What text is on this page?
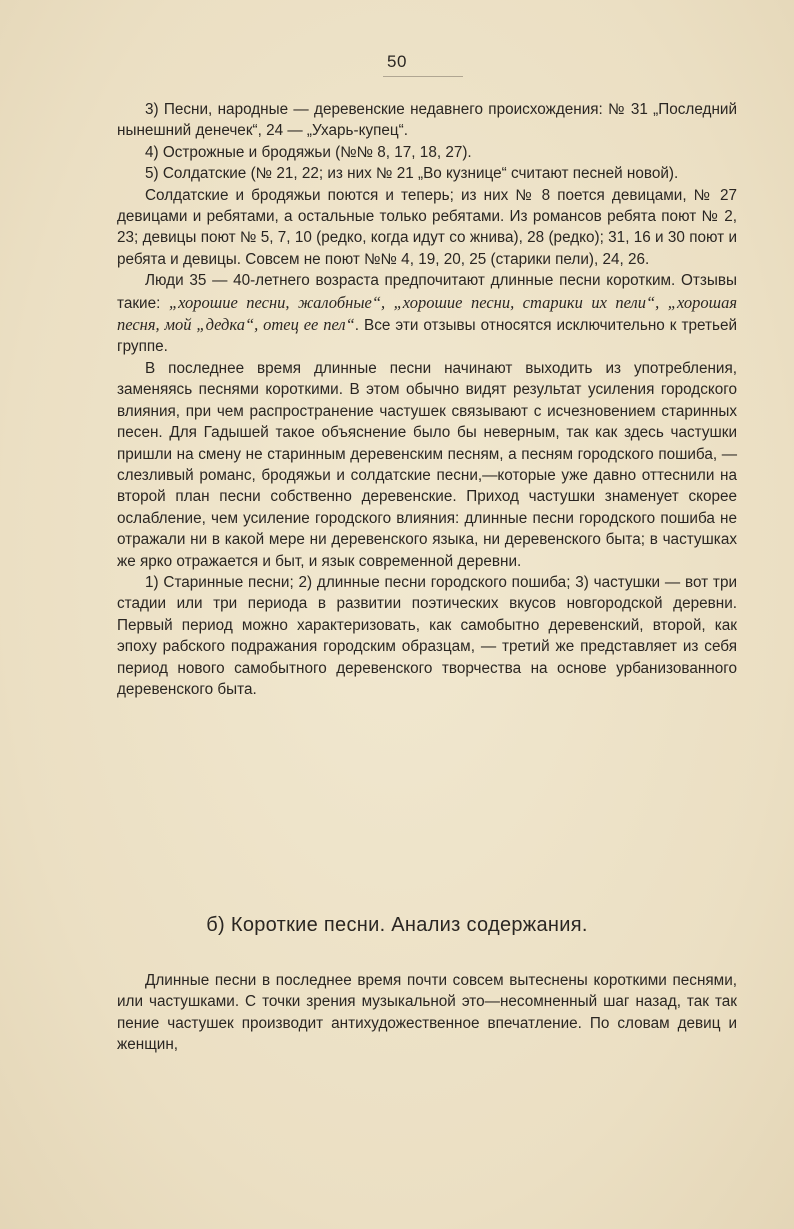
50

3) Песни, народные — деревенские недавнего происхождения: № 31 „Последний нынешний денечек“, 24 — „Ухарь-купец“.

4) Острожные и бродяжьи (№№ 8, 17, 18, 27).

5) Солдатские (№ 21, 22; из них № 21 „Во кузнице“ считают песней новой).

Солдатские и бродяжьи поются и теперь; из них № 8 поется девицами, № 27 девицами и ребятами, а остальные только ребятами. Из романсов ребята поют № 2, 23; девицы поют № 5, 7, 10 (редко, когда идут со жнива), 28 (редко); 31, 16 и 30 поют и ребята и девицы. Совсем не поют №№ 4, 19, 20, 25 (старики пели), 24, 26.

Люди 35 — 40-летнего возраста предпочитают длинные песни коротким. Отзывы такие: „хорошие песни, жалобные“, „хорошие песни, старики их пели“, „хорошая песня, мой „дедка“, отец ее пел“. Все эти отзывы относятся исключительно к третьей группе.

В последнее время длинные песни начинают выходить из употребления, заменяясь песнями короткими. В этом обычно видят результат усиления городского влияния, при чем распространение частушек связывают с исчезновением старинных песен. Для Гадышей такое объяснение было бы неверным, так как здесь частушки пришли на смену не старинным деревенским песням, а песням городского пошиба, — слезливый романс, бродяжьи и солдатские песни,—которые уже давно оттеснили на второй план песни собственно деревенские. Приход частушки знаменует скорее ослабление, чем усиление городского влияния: длинные песни городского пошиба не отражали ни в какой мере ни деревенского языка, ни деревенского быта; в частушках же ярко отражается и быт, и язык современной деревни.

1) Старинные песни; 2) длинные песни городского пошиба; 3) частушки — вот три стадии или три периода в развитии поэтических вкусов новгородской деревни. Первый период можно характеризовать, как самобытно деревенский, второй, как эпоху рабского подражания городским образцам, — третий же представляет из себя период нового самобытного деревенского творчества на основе урбанизованного деревенского быта.

б) Короткие песни. Анализ содержания.

Длинные песни в последнее время почти совсем вытеснены короткими песнями, или частушками. С точки зрения музыкальной это—несомненный шаг назад, так так пение частушек производит антихудожественное впечатление. По словам девиц и женщин,
